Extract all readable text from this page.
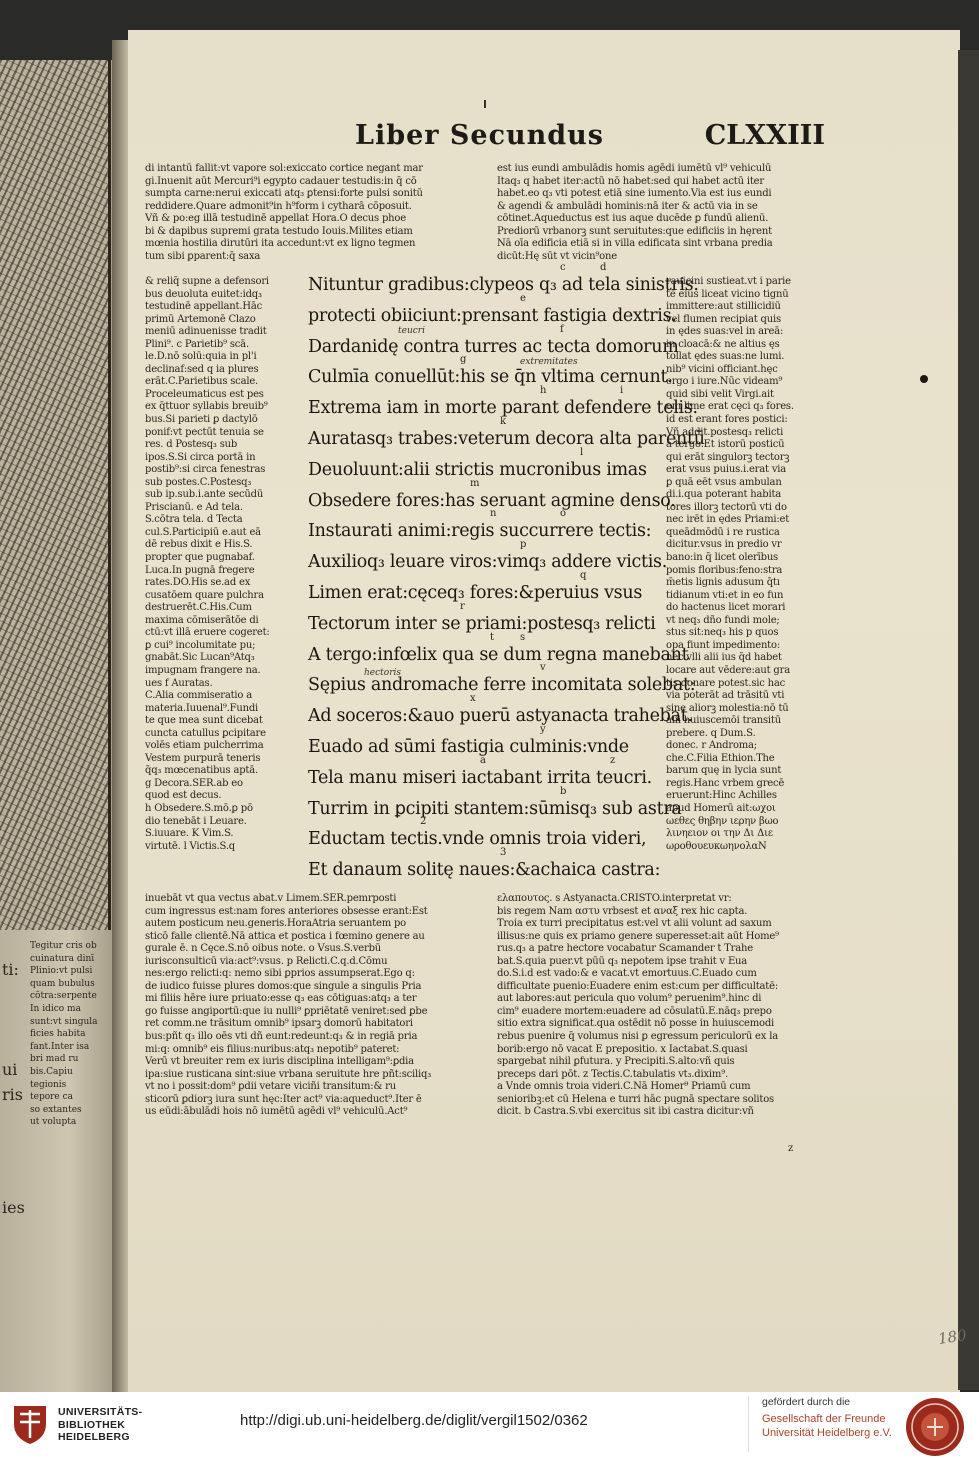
Tegitur cris ob
cuinatura dinī
Plinio:vt pulsi
quam bubulus
cōtra:serpente
In idico ma
sunt:vt singula
ficies habita
fant.Inter isa
bri mad ru
bis.Capiu
tegionis
tepore ca
so extantes
ut volupta
ti:
ui
ris
ies
Liber Secundus	CLXXIII
di intantū fallit:vt vapore sol:exiccato cortice negant mar
gi.Inuenit aūt Mercuri⁹i egypto cadauer testudis:in q̄ cō
sumpta carne:nerui exiccati atq₃ ꝑtensi:forte pulsi sonitū
reddidere.Quare admonit⁹in h⁹form i cytharā cōposuit.
Vñ & po:eg illā testudinē appellat Hora.O decus phoe
bi & dapibus supremi grata testudo Iouis.Milites etiam
mœnia hostilia dirutūri ita accedunt:vt ex ligno tegmen
tum sibi ꝑparent:q̄ saxa
est ius eundi ambulādis homis agēdi iumētū vl⁹ vehiculū
Itaq₃ q habet iter:actū nō habet:sed qui habet actū iter
habet.eo q₃ vti potest etiā sine iumento.Via est ius eundi
& agendi & ambulādi hominis:nā iter & actū via in se
cōtinet.Aqueductus est ius aque ducēde ꝑ fundū alienū.
Prediorū vrbanorꝫ sunt seruitutes:que edificiis in hęrent
Nā oīa edificia etiā si in villa edificata sint vrbana predia
dicūt:Hę sūt vt vicin⁹one
& reliq̄ supne a defensori
bus deuoluta euitet:idq₃
testudinē appellant.Hāc
primū Artemonē Clazo
meniū adinuenisse tradit
Plini⁹. c Parietib⁹ scā.
le.D.nō solū:quia in pl'i
declinaf:sed q ia plures
erāt.C.Parietibus scale.
Proceleumaticus est pes
ex q̄ttuor syllabis breuib⁹
bus.Si parieti ꝑ dactylō
ponif:vt pectūt tenuia se
res. d Postesq₃ sub
ipos.S.Si circa portā in
postib⁹:si circa fenestras
sub postes.C.Postesq₃
sub ip.sub.i.ante secūdū
Priscianū. e Ad tela.
S.cōtra tela. d Tecta
cul.S.Participiū e.aut eā
dē rebus dixit e His.S.
propter que pugnabaf.
Luca.In pugnā fregere
rates.DO.His se.ad ex
cusatōem quare pulchra
destruerēt.C.His.Cum
maxima cōmiserātōe di
ctū:vt illā eruere cogeret:
ꝑ cui⁹ incolumitate pu;
gnabāt.Sic Lucan⁹Atq₃
impugnam frangere na.
ues f Auratas.
C.Alia commiseratio a
materia.Iuuenal⁹.Fundi
te que mea sunt dicebat
cuncta catullus ꝑcipitare
volēs etiam pulcherrima
Vestem purpurā teneris
q̄q₃ mœcenatibus aptā.
g Decora.SER.ab eo
quod est decus.
h Obsedere.S.mō.ꝑ pō
dio tenebāt i Leuare.
S.iuuare. K Vim.S.
virtutē. l Victis.S.q
rauicini sustieat.vt i parie
tē eius liceat vicino tignū
immittere:aut stillicidiū
vel flumen recipiat quis
in ędes suas:vel in areā:
in cloacā:& ne altius ęs
tollat ędes suas:ne lumi.
nib⁹ vicini officiant.hęc
ergo i iure.Nūc videam⁹
quid sibi velit Virgi.ait
em lime erat cęci q₃ fores.
id est erant fores postici:
Vñ addit.postesq₃ relicti
a tergo.Et istorū posticū
qui erāt singulorꝫ tectorꝫ
erat vsus puius.i.erat via
ꝑ quā eēt vsus ambulan
di.i.qua poterant habita
tores illorꝫ tectorū vti do
nec irēt in ędes Priami:et
queādmōdū i re rustica
dicitur.vsus in predio vr
bano:in q̄ licet olerībus
pomis floribus:feno:stra
m̄etis lignis adusum q̄tı
tidianum vti:et in eo fun
do hactenus licet morari
vt neq₃ dño fundi mole;
stus sit:neq₃ his p quos
opa fiunt impedimento:
nec vlli alii ius q̄d habet
locare aut vēdere:aut gra
tis donare potest.sic hac
via poterāt ad trāsitū vti
sine aliorꝫ molestia:nō tū
alii huiuscemōi transitū
prebere. q Dum.S.
donec. r Androma;
che.C.Filia Ethion.The
barum quę in lycia sunt
regis.Hanc vrbem grecē
eruerunt:Hinc Achilles
apud Homerū ait:ωχοι
ωεθες θηβην ιερην βωο
λινηειον οι την Δι Διε
ωροθουευκωηνολαΝ
Nituntur gradibus:clypeos q₃ ad tela sinistris.
protecti obiiciunt:prensant fastigia dextris.
Dardanidę contra turres ac tecta domorum
Culmīa conuellūt:his se q̄n vltima cernunt.
Extrema iam in morte parant defendere telis.
Auratasq₃ trabes:veterum decora alta parentū
Deuoluunt:alii strictis mucronibus imas
Obsedere fores:has seruant agmine denso.
Instaurati animi:regis succurrere tectis:
Auxilioq₃ leuare viros:vimq₃ addere victis.
Limen erat:cęceq₃ fores:&peruius vsus
Tectorum inter se priami:postesq₃ relicti
A tergo:infœlix qua se dum regna manebant
Sępius andromache ferre incomitata solebat:
Ad soceros:&auo puerū astyanacta trahebat.
Euado ad sūmi fastigia culminis:vnde
Tela manu miseri iactabant irrita teucri.
Turrim in ꝑcipiti stantem:sūmisq₃ sub astra
Eductam tectis.vnde omnis troia videri,
Et danaum solitę naues:&achaica castra:
teucri
extremitates
hectoris
inuebāt vt qua vectus abat.v Limem.SER.pemrposti
cum ingressus est:nam fores anteriores obsesse erant:Est
autem posticum neu.generis.HoraAtria seruantem po
sticō falle clientē.Nā attica et postica i fœmino genere au
gurale ē. n Cęce.S.nō oibus note. o Vsus.S.verbū
iurisconsulticū via:act⁹:vsus. p Relicti.C.q.d.Cōmu
nes:ergo relicti:q: nemo sibi ꝑprios assumpserat.Ego q:
de iudico fuisse plures domos:que singule a singulis Pria
mi filiis hēre iure priuato:esse q₃ eas cōtiguas:atq₃ a ter
go fuisse angiportū:que iu nulli⁹ ꝑpriētatē veniret:sed ꝑbe
ret comm.ne trāsitum omnib⁹ ipsarꝫ domorū habitatori
bus:pñt q₃ illo oēs vti dñ eunt:redeunt:q₃ & in regiā pria
mi:q: omnib⁹ eis filius:nuribus:atq₃ nepotib⁹ pateret:
Verū vt breuiter rem ex iuris disciplina intelligam⁹:ꝑdia
ipa:siue rusticana sint:siue vrbana seruitute hre pñt:sciliq₃
vt no i possit:dom⁹ ꝑdii vetare viciñi transitum:& ru
sticorū ꝑdiorꝫ iura sunt hęc:Iter act⁹ via:aqueduct⁹.Iter ē
us eūdi:ābulādi hois nō iumētū agēdi vl⁹ vehiculū.Act⁹
ελαπουτος. s Astyanacta.CRISTO.interpretat vr:
bis regem Nam αστυ vrbsest et αναξ rex hic capta.
Troia ex turri precipitatus est:vel vt alii volunt ad saxum
illisus:ne quis ex priamo genere superesset:ait aūt Home⁹
rus.q₃ a patre hectore vocabatur Scamander t Trahe
bat.S.quia puer.vt pūū q₃ nepotem ipse trahit v Eua
do.S.i.d est vado:& e vacat.vt emortuus.C.Euado cum
difficultate puenio:Euadere enim est:cum per difficultatē:
aut labores:aut pericula quo volum⁹ peruenim⁹.hinc di
cim⁹ euadere mortem:euadere ad cōsulatū.E.nāq₃ prepo
sitio extra significat.qua ostēdit nō posse in huiuscemodi
rebus puenire q̄ volumus nisi ꝑ egressum periculorū ex la
borib:ergo nō vacat E prepositio. x Iactabat.S.quasi
spargebat nihil ꝑfutura. y Precipiti.S.alto:vñ quis
preceps dari pōt. z Tectis.C.tabulatis vt₃.dixim⁹.
a Vnde omnis troia videri.C.Nā Homer⁹ Priamū cum
senioribꝫ:et cū Helena e turri hāc pugnā spectare solitos
dicit. b Castra.S.vbi exercitus sit ibi castra dicitur:vñ
z
180
c	d
e
f
g
h	i
k
l
m
n	o
p
q
r
s
t
v
x
y
z
a
b
2
3
UNIVERSITÄTS-
BIBLIOTHEK
HEIDELBERG
http://digi.ub.uni-heidelberg.de/diglit/vergil1502/0362
gefördert durch die
Gesellschaft der Freunde
Universität Heidelberg e.V.
